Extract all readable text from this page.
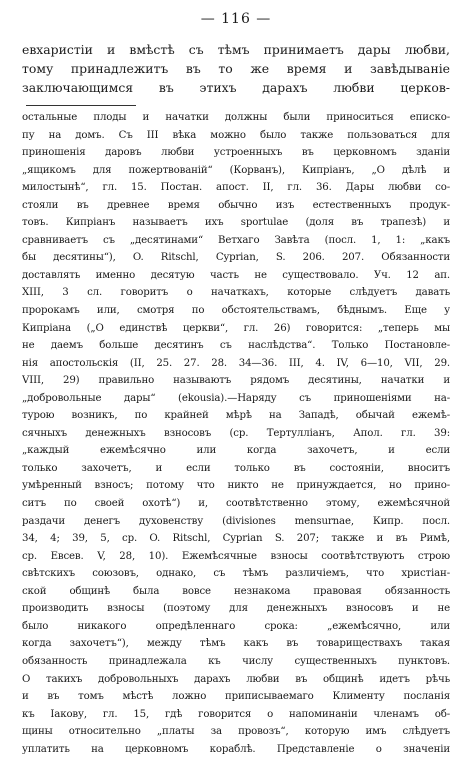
— 116 —
евхаристіи и вмѣстѣ съ тѣмъ принимаетъ дары любви,
тому принадлежитъ въ то же время и завѣдываніе
заключающимся въ этихъ дарахъ любви церков-
остальные плоды и начатки должны были приноситься еписко-
пу на домъ. Съ III вѣка можно было также пользоваться для
приношенія даровъ любви устроенныхъ въ церковномъ зданіи
„ящикомъ для пожертвованій“ (Корванъ), Кипріанъ, „О дѣлѣ и
милостынѣ“, гл. 15. Постан. апост. II, гл. 36. Дары любви со-
стояли въ древнее время обычно изъ естественныхъ продук-
товъ. Кипріанъ называетъ ихъ sportulae (доля въ трапезѣ) и
сравниваетъ съ „десятинами“ Ветхаго Завѣта (посл. 1, 1: „какъ
бы десятины“), O. Ritschl, Cyprian, S. 206. 207. Обязанности
доставлять именно десятую часть не существовало. Уч. 12 ап.
XIII, 3 сл. говоритъ о начаткахъ, которые слѣдуетъ давать
пророкамъ или, смотря по обстоятельствамъ, бѣднымъ. Еще у
Кипріана („О единствѣ церкви“, гл. 26) говорится: „теперь мы
не даемъ больше десятинъ съ наслѣдства“. Только Постановле-
нія апостольскія (II, 25. 27. 28. 34—36. III, 4. IV, 6—10, VII, 29.
VIII, 29) правильно называютъ рядомъ десятины, начатки и
„добровольные дары“ (ekousia).—Наряду съ приношеніями на-
турою возникъ, по крайней мѣрѣ на Западѣ, обычай ежемѣ-
сячныхъ денежныхъ взносовъ (ср. Тертулліанъ, Апол. гл. 39:
„каждый ежемѣсячно или когда захочетъ, и если
только захочетъ, и если только въ состояніи, вноситъ
умѣренный взносъ; потому что никто не принуждается, но прино-
ситъ по своей охотѣ“) и, соотвѣтственно этому, ежемѣсячной
раздачи денегъ духовенству (divisiones mensurnae, Кипр. посл.
34, 4; 39, 5, ср. O. Ritschl, Cyprian S. 207; также и въ Римѣ,
ср. Евсев. V, 28, 10). Ежемѣсячные взносы соотвѣтствуютъ строю
свѣтскихъ союзовъ, однако, съ тѣмъ различіемъ, что христіан-
ской общинѣ была вовсе незнакома правовая обязанность
производить взносы (поэтому для денежныхъ взносовъ и не
было никакого опредѣленнаго срока: „ежемѣсячно, или
когда захочетъ“), между тѣмъ какъ въ товариществахъ такая
обязанность принадлежала къ числу существенныхъ пунктовъ.
О такихъ добровольныхъ дарахъ любви въ общинѣ идетъ рѣчь
и въ томъ мѣстѣ ложно приписываемаго Клименту посланія
къ Іакову, гл. 15, гдѣ говорится о напоминаніи членамъ об-
щины относительно „платы за провозъ“, которую имъ слѣдуетъ
уплатить на церковномъ кораблѣ. Представленіе о значеніи
